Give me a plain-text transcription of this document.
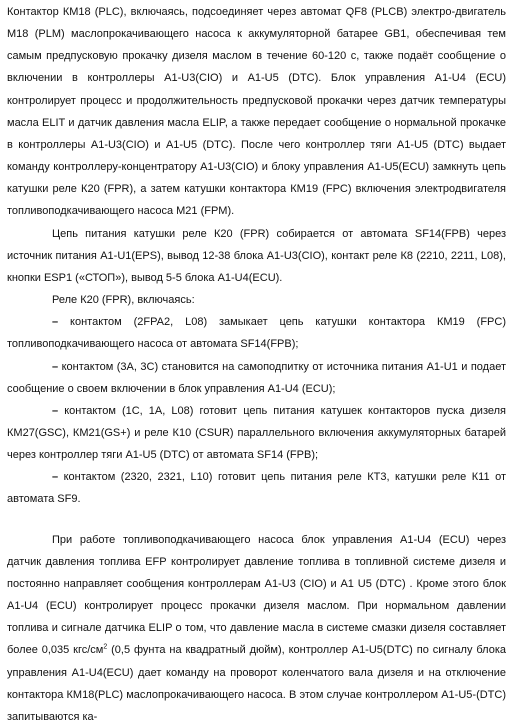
Контактор КМ18 (PLC), включаясь, подсоединяет через автомат QF8 (PLCB) электро-двигатель М18 (PLM) маслопрокачивающего насоса к аккумуляторной батарее GB1, обеспечивая тем самым предпусковую прокачку дизеля маслом в течение 60-120 с, также подаёт сообщение о включении в контроллеры А1-U3(CIO) и А1-U5 (DTC). Блок управления А1-U4 (ECU) контролирует процесс и продолжительность предпусковой прокачки через датчик температуры масла ELIT и датчик давления масла ELIP, а также передает сообщение о нормальной прокачке в контроллеры А1-U3(CIO) и А1-U5 (DTC). После чего контроллер тяги А1-U5 (DTC) выдает команду контроллеру-концентратору А1-U3(CIO) и блоку управления А1-U5(ECU) замкнуть цепь катушки реле К20 (FPR), а затем катушки контактора КМ19 (FPC) включения электродвигателя топливоподкачивающего насоса М21 (FPM).

Цепь питания катушки реле К20 (FPR) собирается от автомата SF14(FPB) через источник питания А1-U1(EPS), вывод 12-38 блока А1-U3(CIO), контакт реле К8 (2210, 2211, L08), кнопки ESP1 («СТОП»), вывод 5-5 блока А1-U4(ECU).

Реле К20 (FPR), включаясь:

– контактом (2FPA2, L08) замыкает цепь катушки контактора КМ19 (FPC) топливоподкачивающего насоса от автомата SF14(FPB);

– контактом (3А, 3С) становится на самоподпитку от источника питания А1-U1 и подает сообщение о своем включении в блок управления А1-U4 (ECU);

– контактом (1С, 1А, L08) готовит цепь питания катушек контакторов пуска дизеля КМ27(GSC), КМ21(GS+) и реле К10 (CSUR) параллельного включения аккумуляторных батарей через контроллер тяги А1-U5 (DTC) от автомата SF14 (FPB);

– контактом (2320, 2321, L10) готовит цепь питания реле КТ3, катушки реле К11 от автомата SF9.

При работе топливоподкачивающего насоса блок управления А1-U4 (ECU) через датчик давления топлива EFP контролирует давление топлива в топливной системе дизеля и постоянно направляет сообщения контроллерам А1-U3 (CIO) и А1 U5 (DTC) . Кроме этого блок А1-U4 (ECU) контролирует процесс прокачки дизеля маслом. При нормальном давлении топлива и сигнале датчика ELIP о том, что давление масла в системе смазки дизеля составляет более 0,035 кгс/$см^2$ (0,5 фунта на квадратный дюйм), контроллер А1-U5(DTC) по сигналу блока управления А1-U4(ECU) дает команду на проворот коленчатого вала дизеля и на отключение контактора КМ18(PLC) маслопрокачивающего насоса. В этом случае контроллером А1-U5-(DTC) запитываются ка-
